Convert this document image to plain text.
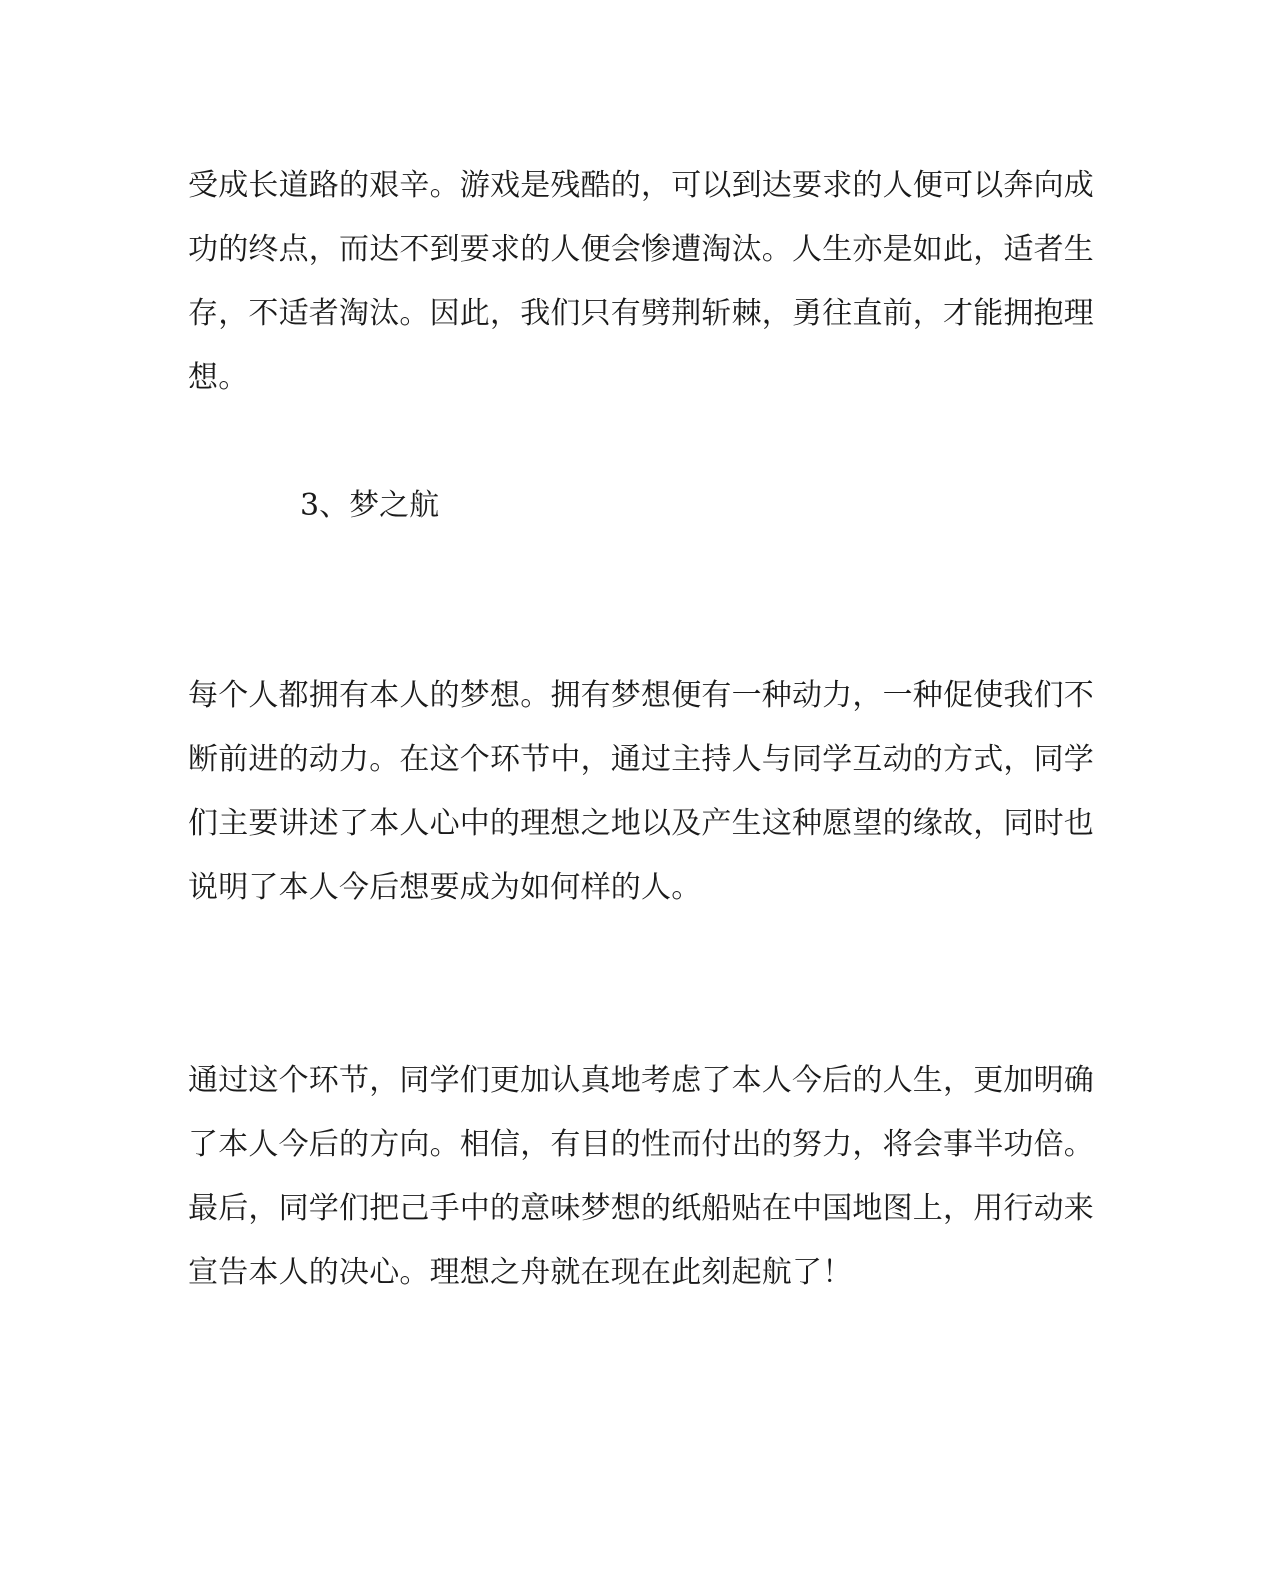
受成长道路的艰辛。游戏是残酷的，可以到达要求的人便可以奔向成
功的终点，而达不到要求的人便会惨遭淘汰。人生亦是如此，适者生
存，不适者淘汰。因此，我们只有劈荆斩棘，勇往直前，才能拥抱理
想。
3、梦之航
每个人都拥有本人的梦想。拥有梦想便有一种动力，一种促使我们不
断前进的动力。在这个环节中，通过主持人与同学互动的方式，同学
们主要讲述了本人心中的理想之地以及产生这种愿望的缘故，同时也
说明了本人今后想要成为如何样的人。
通过这个环节，同学们更加认真地考虑了本人今后的人生，更加明确
了本人今后的方向。相信，有目的性而付出的努力，将会事半功倍。
最后，同学们把己手中的意味梦想的纸船贴在中国地图上，用行动来
宣告本人的决心。理想之舟就在现在此刻起航了！
